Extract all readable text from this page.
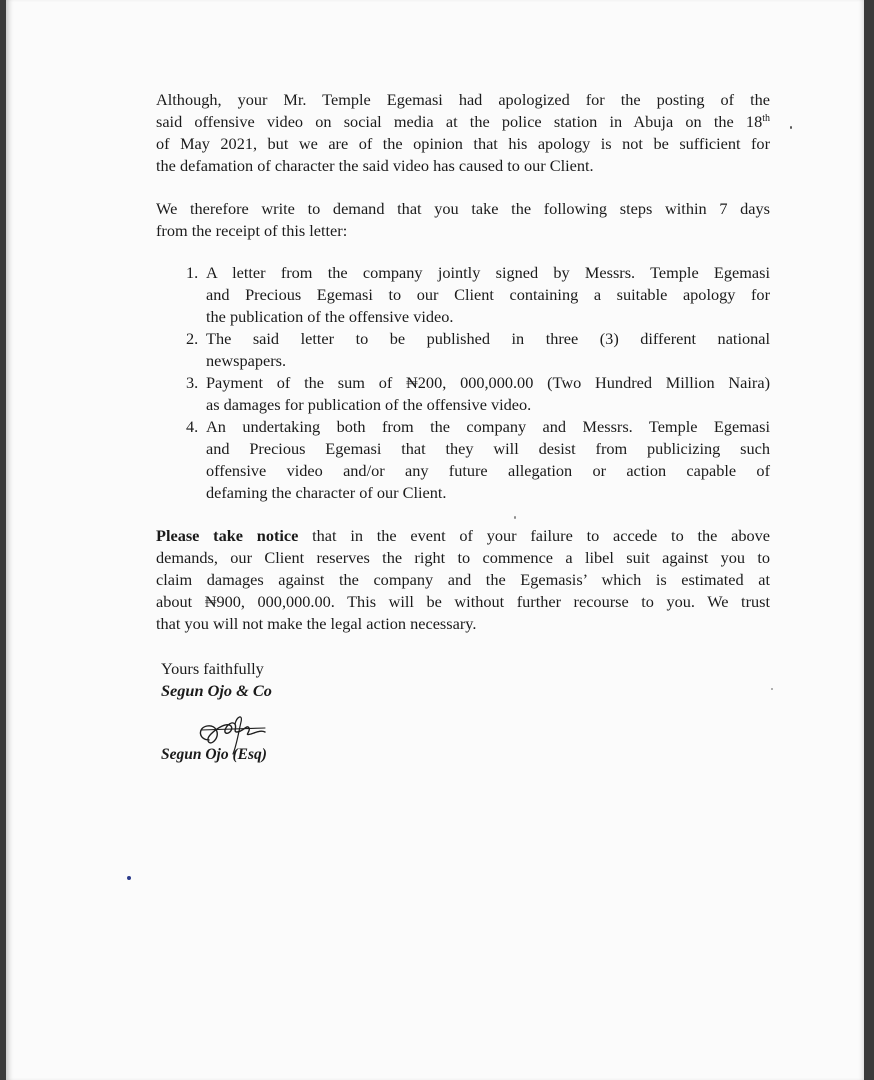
Although, your Mr. Temple Egemasi had apologized for the posting of the
said offensive video on social media at the police station in Abuja on the 18th
of May 2021, but we are of the opinion that his apology is not be sufficient for
the defamation of character the said video has caused to our Client.
We therefore write to demand that you take the following steps within 7 days
from the receipt of this letter:
1. A letter from the company jointly signed by Messrs. Temple Egemasi
and Precious Egemasi to our Client containing a suitable apology for
the publication of the offensive video.
2. The said letter to be published in three (3) different national
newspapers.
3. Payment of the sum of ₦200, 000,000.00 (Two Hundred Million Naira)
as damages for publication of the offensive video.
4. An undertaking both from the company and Messrs. Temple Egemasi
and Precious Egemasi that they will desist from publicizing such
offensive video and/or any future allegation or action capable of
defaming the character of our Client.
Please take notice that in the event of your failure to accede to the above
demands, our Client reserves the right to commence a libel suit against you to
claim damages against the company and the Egemasis’ which is estimated at
about ₦900, 000,000.00. This will be without further recourse to you. We trust
that you will not make the legal action necessary.
Yours faithfully
Segun Ojo & Co
Segun Ojo (Esq)
